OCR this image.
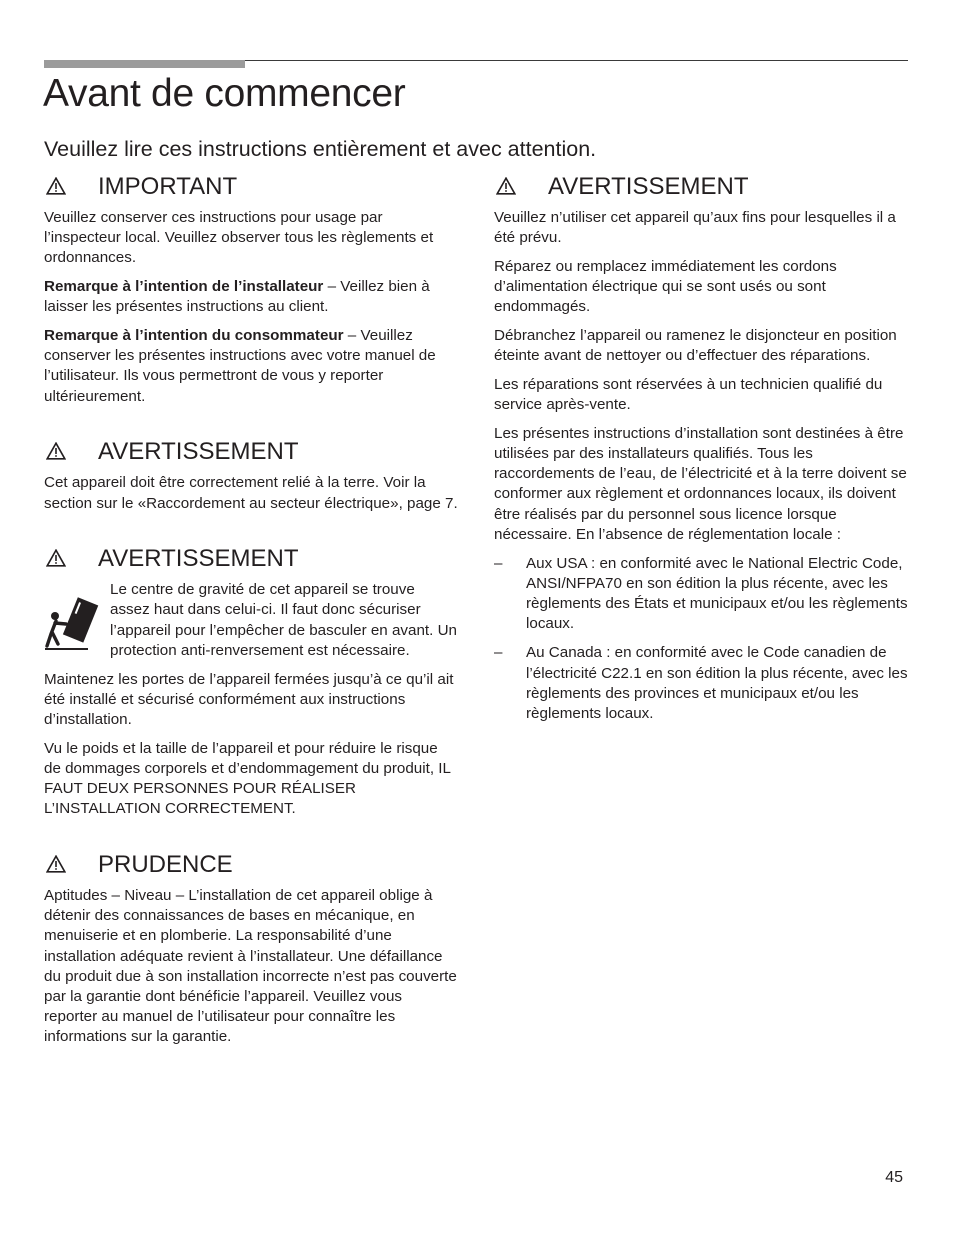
Avant de commencer
Veuillez lire ces instructions entièrement et avec attention.
IMPORTANT

Veuillez conserver ces instructions pour usage par l’inspecteur local. Veuillez observer tous les règlements et ordonnances.

Remarque à l’intention de l’installateur – Veillez bien à laisser les présentes instructions au client.

Remarque à l’intention du consommateur – Veuillez conserver les présentes instructions avec votre manuel de l’utilisateur. Ils vous permettront de vous y reporter ultérieurement.

AVERTISSEMENT

Cet appareil doit être correctement relié à la terre. Voir la section sur le «Raccordement au secteur électrique», page 7.

AVERTISSEMENT

Le centre de gravité de cet appareil se trouve assez haut dans celui-ci. Il faut donc sécuriser l’appareil pour l’empêcher de basculer en avant. Un protection anti-renversement est nécessaire.

Maintenez les portes de l’appareil fermées jusqu’à ce qu’il ait été installé et sécurisé conformément aux instructions d’installation.

Vu le poids et la taille de l’appareil et pour réduire le risque de dommages corporels et d’endommagement du produit, IL FAUT DEUX PERSONNES POUR RÉALISER L’INSTALLATION CORRECTEMENT.

PRUDENCE

Aptitudes – Niveau – L’installation de cet appareil oblige à détenir des connaissances de bases en mécanique, en menuiserie et en plomberie. La responsabilité d’une installation adéquate revient à l’installateur. Une défaillance du produit due à son installation incorrecte n’est pas couverte par la garantie dont bénéficie l’appareil. Veuillez vous reporter au manuel de l’utilisateur pour connaître les informations sur la garantie.

AVERTISSEMENT

Veuillez n’utiliser cet appareil qu’aux fins pour lesquelles il a été prévu.

Réparez ou remplacez immédiatement les cordons d’alimentation électrique qui se sont usés ou sont endommagés.

Débranchez l’appareil ou ramenez le disjoncteur en position éteinte avant de nettoyer ou d’effectuer des réparations.

Les réparations sont réservées à un technicien qualifié du service après-vente.

Les présentes instructions d’installation sont destinées à être utilisées par des installateurs qualifiés. Tous les raccordements de l’eau, de l’électricité et à la terre doivent se conformer aux règlement et ordonnances locaux, ils doivent être réalisés par du personnel sous licence lorsque nécessaire. En l’absence de réglementation locale :

– Aux USA : en conformité avec le National Electric Code, ANSI/NFPA70 en son édition la plus récente, avec les règlements des États et municipaux et/ou les règlements locaux.
– Au Canada : en conformité avec le Code canadien de l’électricité C22.1 en son édition la plus récente, avec les règlements des provinces et municipaux et/ou les règlements locaux.
45
